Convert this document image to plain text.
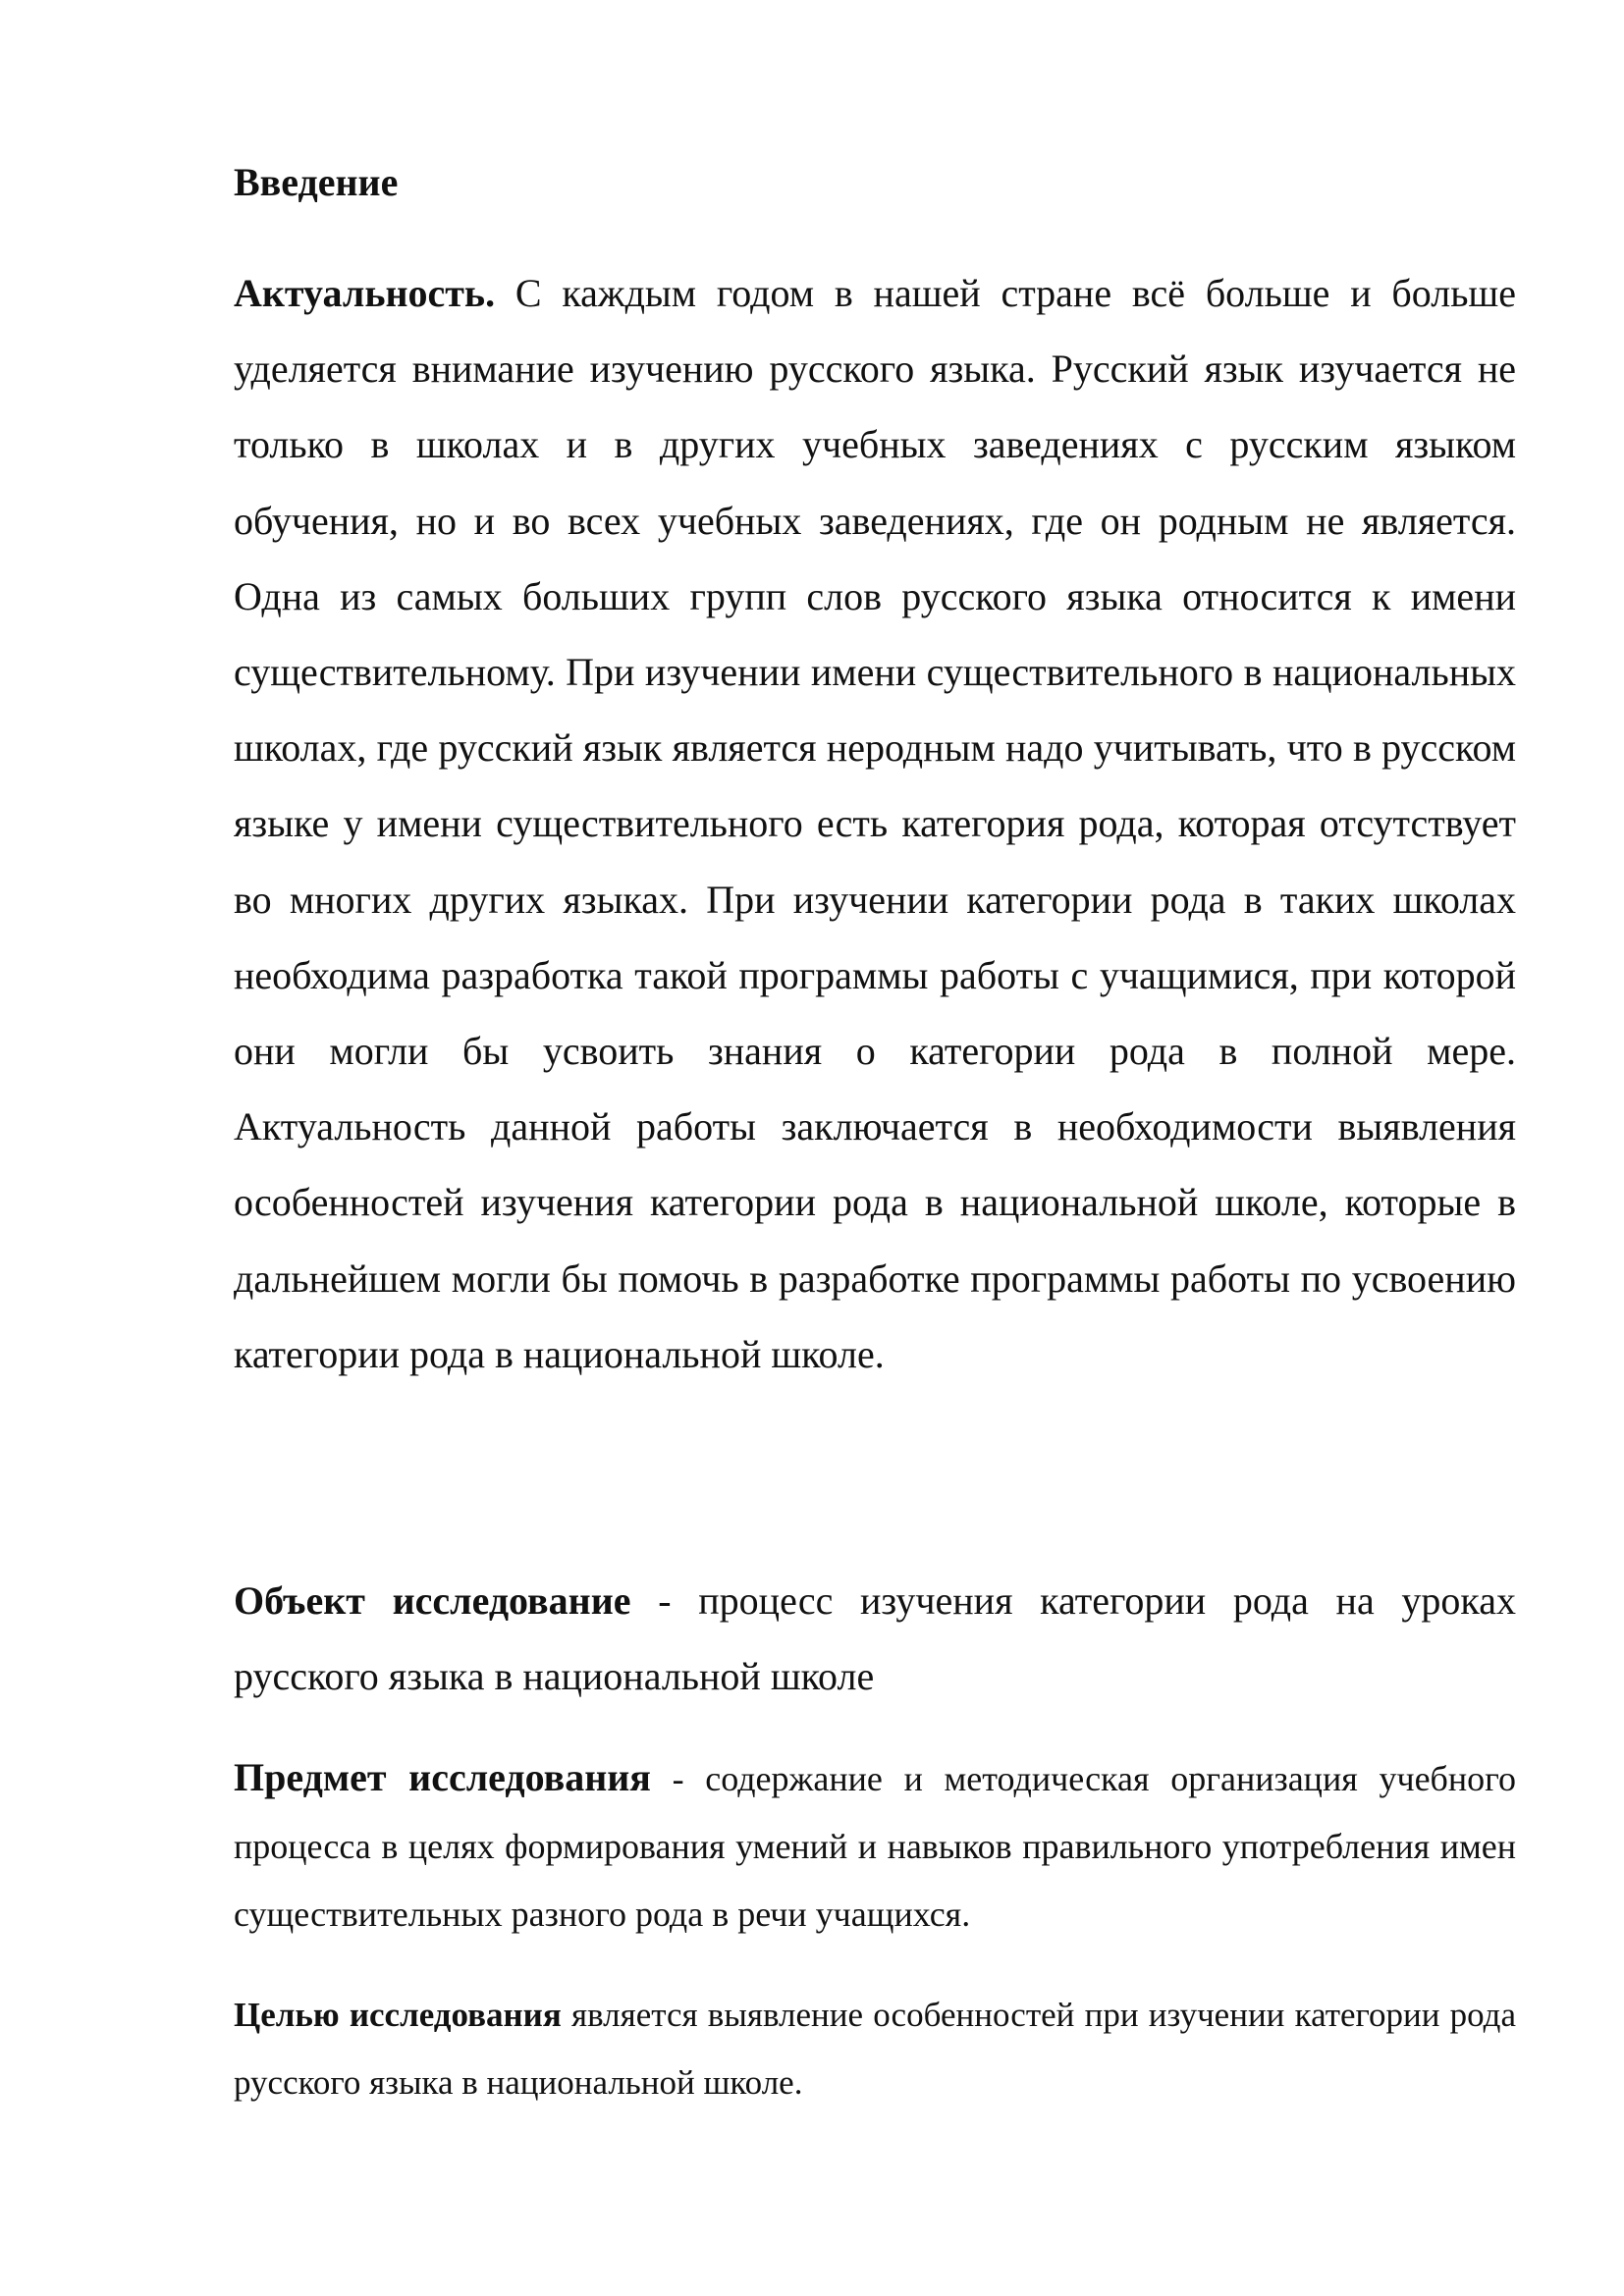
Введение

Актуальность. С каждым годом в нашей стране всё больше и больше уделяется внимание изучению русского языка. Русский язык изучается не только в школах и в других учебных заведениях с русским языком обучения, но и во всех учебных заведениях, где он родным не является. Одна из самых больших групп слов русского языка относится к имени существительному. При изучении имени существительного в национальных школах, где русский язык является неродным надо учитывать, что в русском языке у имени существительного есть категория рода, которая отсутствует во многих других языках. При изучении категории рода в таких школах необходима разработка такой программы работы с учащимися, при которой они могли бы усвоить знания о категории рода в полной мере. Актуальность данной работы заключается в необходимости выявления особенностей изучения категории рода в национальной школе, которые в дальнейшем могли бы помочь в разработке программы работы по усвоению категории рода в национальной школе.

Объект исследование - процесс изучения категории рода на уроках русского языка в национальной школе

Предмет исследования - содержание и методическая организация учебного процесса в целях формирования умений и навыков правильного употребления имен существительных разного рода в речи учащихся.

Целью исследования является выявление особенностей при изучении категории рода русского языка в национальной школе.
